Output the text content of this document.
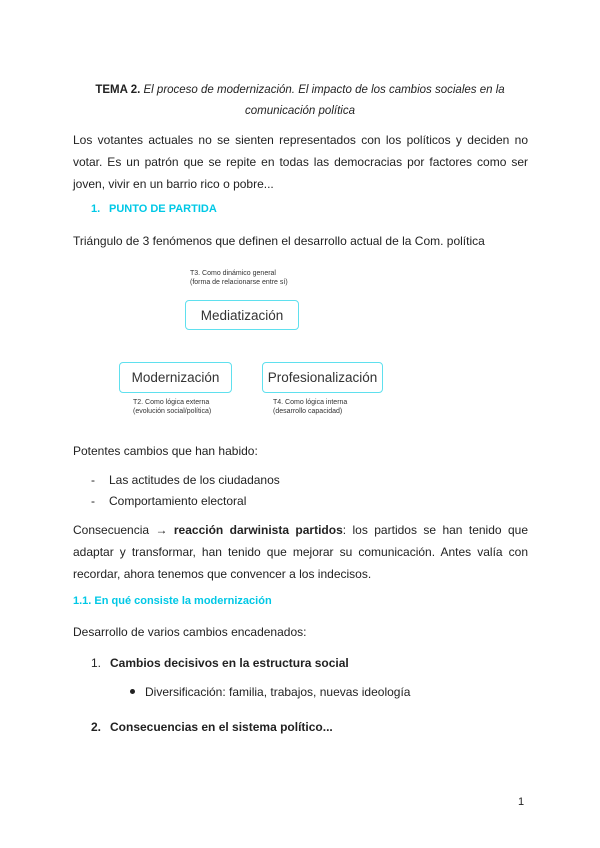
TEMA 2. El proceso de modernización. El impacto de los cambios sociales en la
comunicación política

Los votantes actuales no se sienten representados con los políticos y deciden no votar. Es un patrón que se repite en todas las democracias por factores como ser joven, vivir en un barrio rico o pobre...

1. PUNTO DE PARTIDA
Triángulo de 3 fenómenos que definen el desarrollo actual de la Com. política
T3. Como dinámico general
(forma de relacionarse entre sí)
Mediatización
Modernización	Profesionalización
T2. Como lógica externa
(evolución social/política)
T4. Como lógica interna
(desarrollo capacidad)
Potentes cambios que han habido:
- Las actitudes de los ciudadanos
- Comportamiento electoral

Consecuencia → reacción darwinista partidos: los partidos se han tenido que adaptar y transformar, han tenido que mejorar su comunicación. Antes valía con recordar, ahora tenemos que convencer a los indecisos.

1.1. En qué consiste la modernización
Desarrollo de varios cambios encadenados:
1. Cambios decisivos en la estructura social
Diversificación: familia, trabajos, nuevas ideología
2. Consecuencias en el sistema político...
1
